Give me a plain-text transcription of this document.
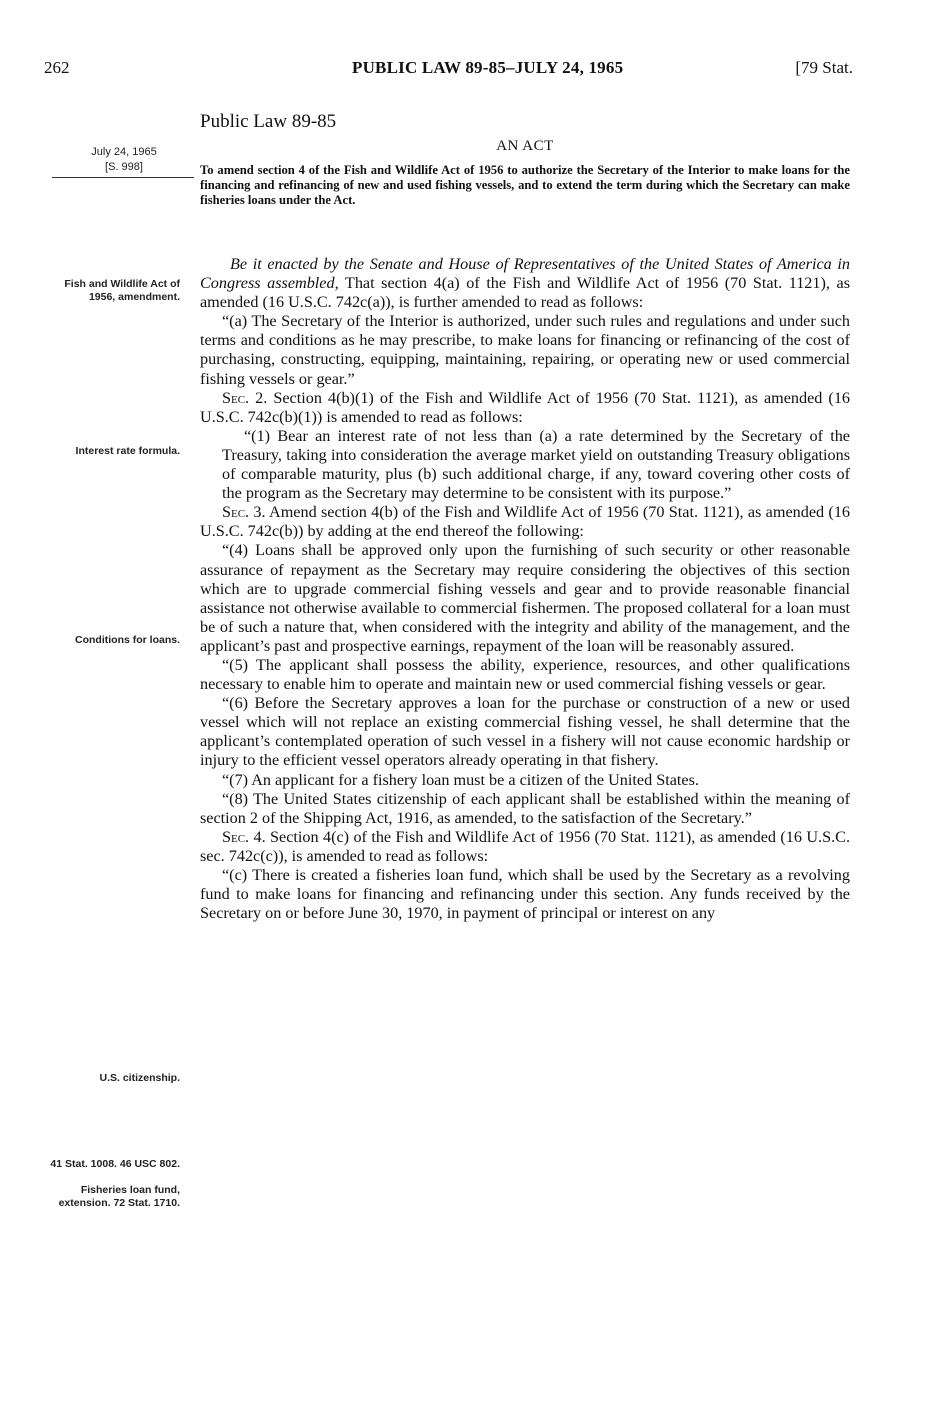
262	PUBLIC LAW 89-85–JULY 24, 1965	[79 Stat.
Public Law 89-85
AN ACT
July 24, 1965
[S. 998]	To amend section 4 of the Fish and Wildlife Act of 1956 to authorize the Secretary of the Interior to make loans for the financing and refinancing of new and used fishing vessels, and to extend the term during which the Secretary can make fisheries loans under the Act.
Fish and Wildlife Act of 1956, amendment.
Interest rate formula.
Conditions for loans.
U.S. citizenship.
41 Stat. 1008. 46 USC 802.
Fisheries loan fund, extension. 72 Stat. 1710.

Be it enacted by the Senate and House of Representatives of the United States of America in Congress assembled, That section 4(a) of the Fish and Wildlife Act of 1956 (70 Stat. 1121), as amended (16 U.S.C. 742c(a)), is further amended to read as follows:

“(a) The Secretary of the Interior is authorized, under such rules and regulations and under such terms and conditions as he may prescribe, to make loans for financing or refinancing of the cost of purchasing, constructing, equipping, maintaining, repairing, or operating new or used commercial fishing vessels or gear.”

Sec. 2. Section 4(b)(1) of the Fish and Wildlife Act of 1956 (70 Stat. 1121), as amended (16 U.S.C. 742c(b)(1)) is amended to read as follows:

“(1) Bear an interest rate of not less than (a) a rate determined by the Secretary of the Treasury, taking into consideration the average market yield on outstanding Treasury obligations of comparable maturity, plus (b) such additional charge, if any, toward covering other costs of the program as the Secretary may determine to be consistent with its purpose.”

Sec. 3. Amend section 4(b) of the Fish and Wildlife Act of 1956 (70 Stat. 1121), as amended (16 U.S.C. 742c(b)) by adding at the end thereof the following:

“(4) Loans shall be approved only upon the furnishing of such security or other reasonable assurance of repayment as the Secretary may require considering the objectives of this section which are to upgrade commercial fishing vessels and gear and to provide reasonable financial assistance not otherwise available to commercial fishermen. The proposed collateral for a loan must be of such a nature that, when considered with the integrity and ability of the management, and the applicant’s past and prospective earnings, repayment of the loan will be reasonably assured.

“(5) The applicant shall possess the ability, experience, resources, and other qualifications necessary to enable him to operate and maintain new or used commercial fishing vessels or gear.

“(6) Before the Secretary approves a loan for the purchase or construction of a new or used vessel which will not replace an existing commercial fishing vessel, he shall determine that the applicant’s contemplated operation of such vessel in a fishery will not cause economic hardship or injury to the efficient vessel operators already operating in that fishery.

“(7) An applicant for a fishery loan must be a citizen of the United States.

“(8) The United States citizenship of each applicant shall be established within the meaning of section 2 of the Shipping Act, 1916, as amended, to the satisfaction of the Secretary.”

Sec. 4. Section 4(c) of the Fish and Wildlife Act of 1956 (70 Stat. 1121), as amended (16 U.S.C. sec. 742c(c)), is amended to read as follows:

“(c) There is created a fisheries loan fund, which shall be used by the Secretary as a revolving fund to make loans for financing and refinancing under this section. Any funds received by the Secretary on or before June 30, 1970, in payment of principal or interest on any
